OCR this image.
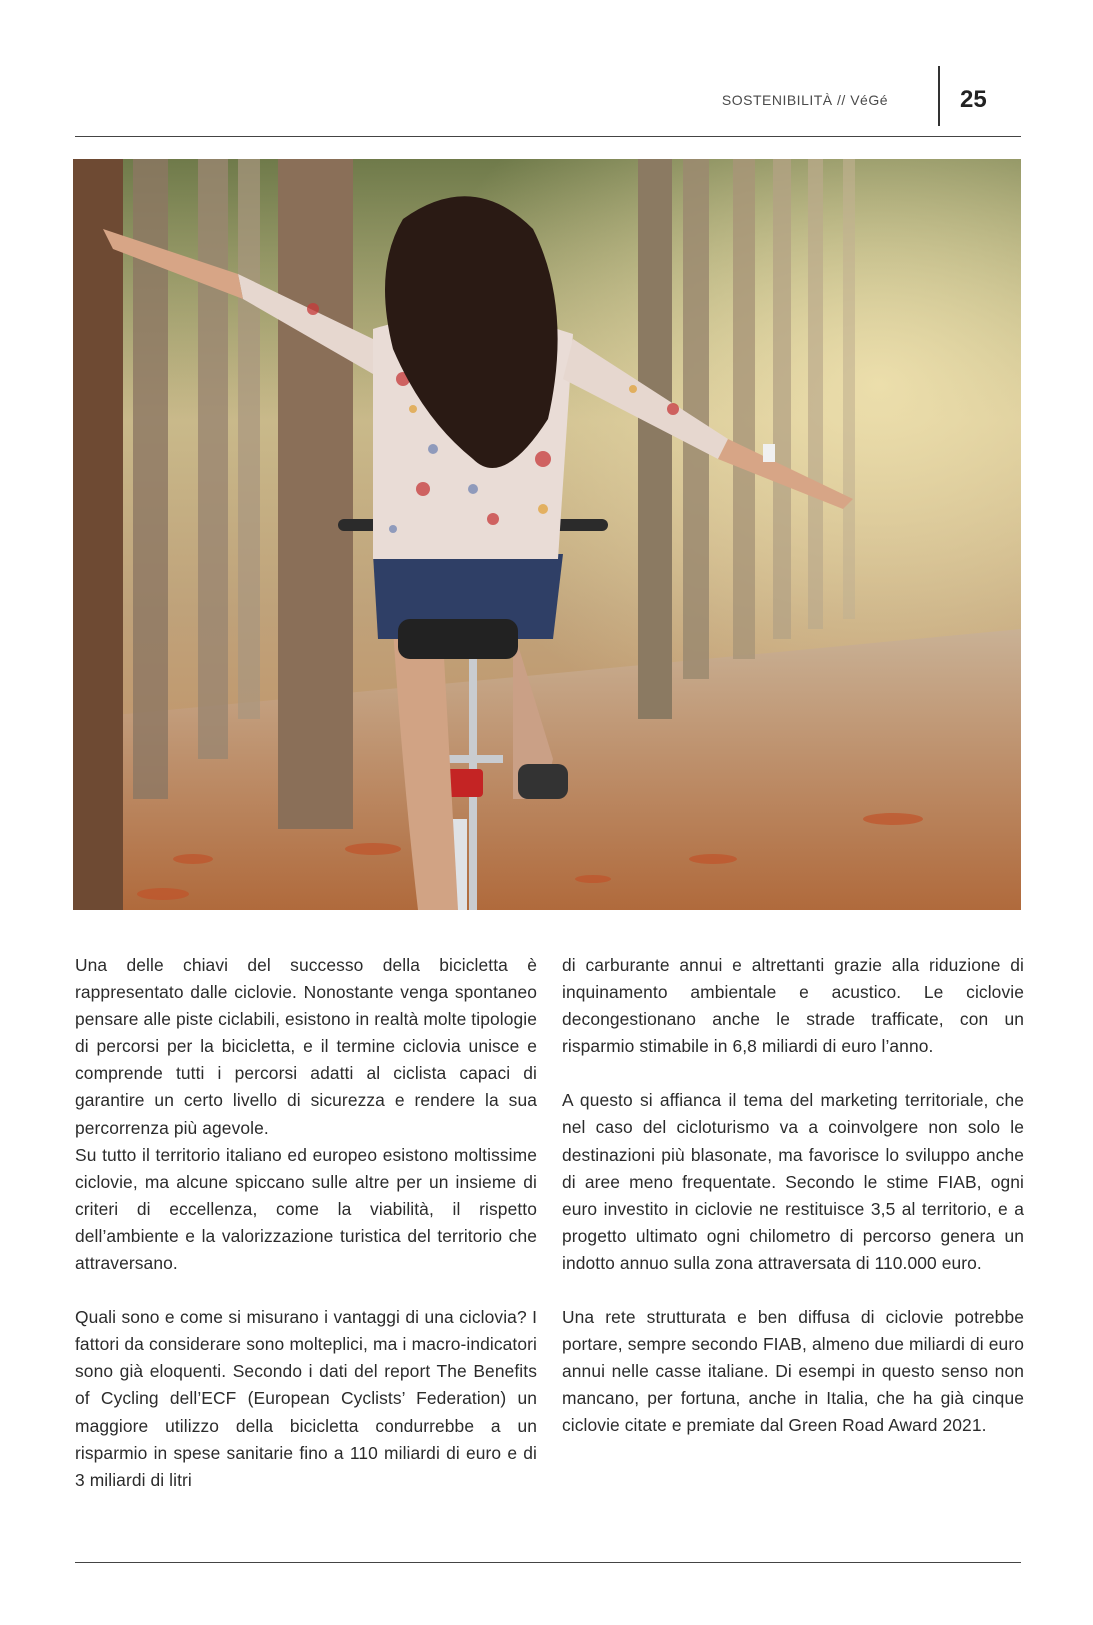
SOSTENIBILITÀ // VéGé	25

Una delle chiavi del successo della bicicletta è rappresentato dalle ciclovie. Nonostante venga spontaneo pensare alle piste ciclabili, esistono in realtà molte tipologie di percorsi per la bicicletta, e il termine ciclovia unisce e comprende tutti i percorsi adatti al ciclista capaci di garantire un certo livello di sicurezza e rendere la sua percorrenza più agevole.

Su tutto il territorio italiano ed europeo esistono moltissime ciclovie, ma alcune spiccano sulle altre per un insieme di criteri di eccellenza, come la viabilità, il rispetto dell’ambiente e la valorizzazione turistica del territorio che attraversano.

Quali sono e come si misurano i vantaggi di una ciclovia? I fattori da considerare sono molteplici, ma i macro-indicatori sono già eloquenti. Secondo i dati del report The Benefits of Cycling dell’ECF (European Cyclists’ Federation) un maggiore utilizzo della bicicletta condurrebbe a un risparmio in spese sanitarie fino a 110 miliardi di euro e di 3 miliardi di litri

di carburante annui e altrettanti grazie alla riduzione di inquinamento ambientale e acustico. Le ciclovie decongestionano anche le strade trafficate, con un risparmio stimabile in 6,8 miliardi di euro l’anno.

A questo si affianca il tema del marketing territoriale, che nel caso del cicloturismo va a coinvolgere non solo le destinazioni più blasonate, ma favorisce lo sviluppo anche di aree meno frequentate. Secondo le stime FIAB, ogni euro investito in ciclovie ne restituisce 3,5 al territorio, e a progetto ultimato ogni chilometro di percorso genera un indotto annuo sulla zona attraversata di 110.000 euro.

Una rete strutturata e ben diffusa di ciclovie potrebbe portare, sempre secondo FIAB, almeno due miliardi di euro annui nelle casse italiane. Di esempi in questo senso non mancano, per fortuna, anche in Italia, che ha già cinque ciclovie citate e premiate dal Green Road Award 2021.
